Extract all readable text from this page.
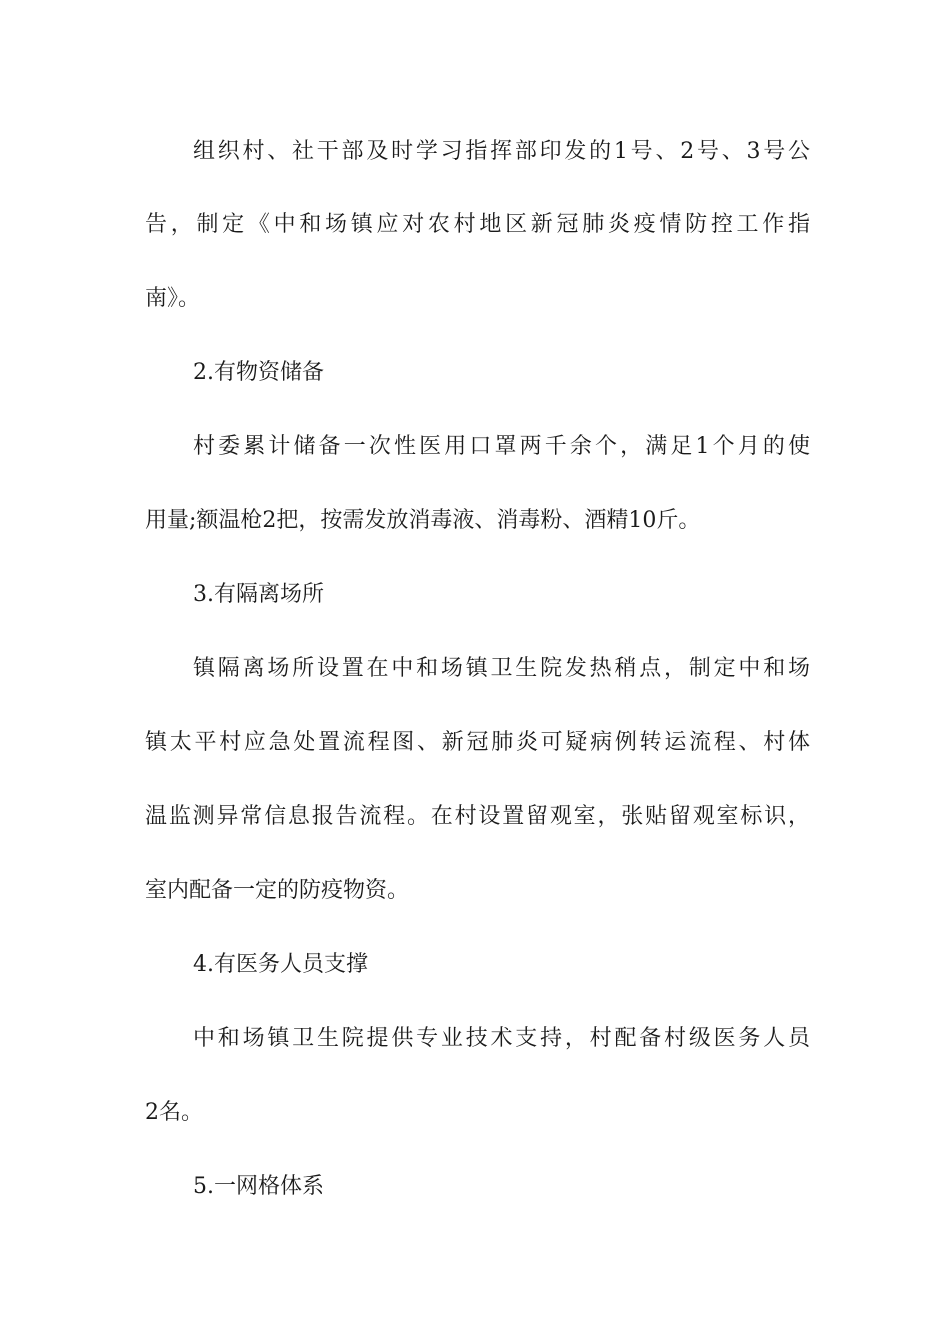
组织村、社干部及时学习指挥部印发的1号、2号、3号公
告，制定《中和场镇应对农村地区新冠肺炎疫情防控工作指
南》。
2.有物资储备
村委累计储备一次性医用口罩两千余个，满足1个月的使
用量;额温枪2把，按需发放消毒液、消毒粉、酒精10斤。
3.有隔离场所
镇隔离场所设置在中和场镇卫生院发热稍点，制定中和场
镇太平村应急处置流程图、新冠肺炎可疑病例转运流程、村体
温监测异常信息报告流程。在村设置留观室，张贴留观室标识，
室内配备一定的防疫物资。
4.有医务人员支撑
中和场镇卫生院提供专业技术支持，村配备村级医务人员
2名。
5.一网格体系
